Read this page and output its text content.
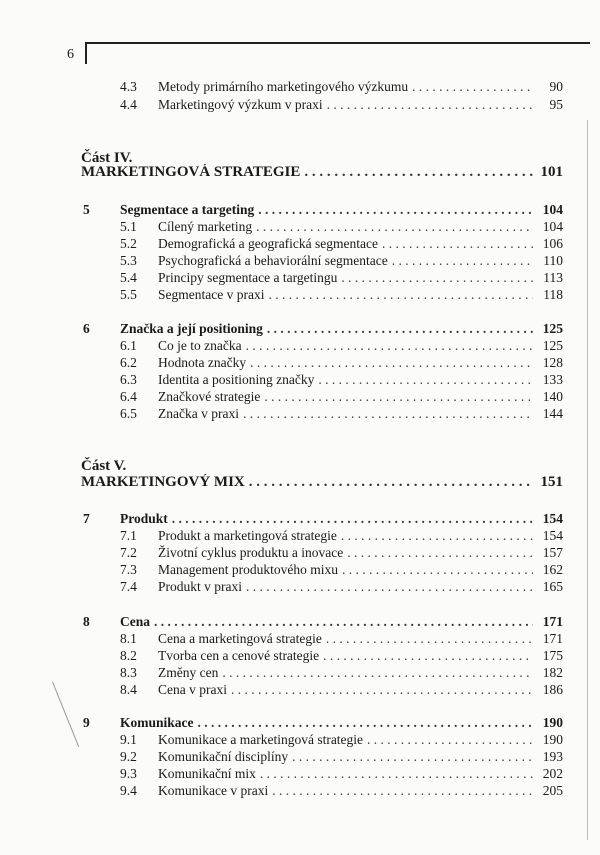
6
4.3	Metody primárního marketingového výzkumu . . .	90
4.4	Marketingový výzkum v praxi . . .	95
Část IV.
MARKETINGOVÁ STRATEGIE . . .	101
5 Segmentace a targeting . . .	104
5.1	Cílený marketing . . .	104
5.2	Demografická a geografická segmentace . . .	106
5.3	Psychografická a behaviorální segmentace . . .	110
5.4	Principy segmentace a targetingu . . .	113
5.5	Segmentace v praxi . . .	118
6 Značka a její positioning . . .	125
6.1	Co je to značka . . .	125
6.2	Hodnota značky . . .	128
6.3	Identita a positioning značky . . .	133
6.4	Značkové strategie . . .	140
6.5	Značka v praxi . . .	144
Část V.
MARKETINGOVÝ MIX . . .	151
7 Produkt . . .	154
7.1	Produkt a marketingová strategie . . .	154
7.2	Životní cyklus produktu a inovace . . .	157
7.3	Management produktového mixu . . .	162
7.4	Produkt v praxi . . .	165
8 Cena . . .	171
8.1	Cena a marketingová strategie . . .	171
8.2	Tvorba cen a cenové strategie . . .	175
8.3	Změny cen . . .	182
8.4	Cena v praxi . . .	186
9 Komunikace . . .	190
9.1	Komunikace a marketingová strategie . . .	190
9.2	Komunikační disciplíny . . .	193
9.3	Komunikační mix . . .	202
9.4	Komunikace v praxi . . .	205
